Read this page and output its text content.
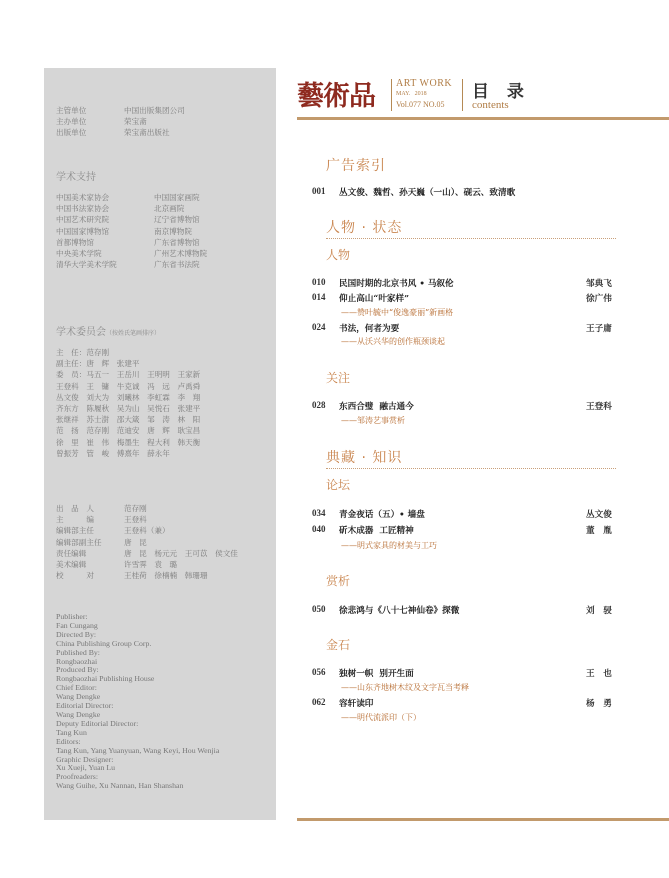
主管单位	中国出版集团公司
主办单位	荣宝斋
出版单位	荣宝斋出版社
学术支持
中国美术家协会	中国国家画院
中国书法家协会	北京画院
中国艺术研究院	辽宁省博物馆
中国国家博物馆	南京博物院
首都博物馆	广东省博物馆
中央美术学院	广州艺术博物院
清华大学美术学院	广东省书法院
学术委员会（按姓氏笔画排序）
主　任：范存刚
副主任：唐　辉　张建平
委　员：马五一　王岳川　王明明　王家新
王登科　王　镛　牛克诚　冯　远　卢禹舜
丛文俊　刘大为　刘曦林　李虹霖　李　翔
齐东方　陈履秋　吴为山　吴悦石　张建平
张继祥　苏士澍　邵大箴　邹　涛　林　阳
范　扬　范存刚　范迪安　唐　辉　耿宝昌
徐　里　崔　伟　梅墨生　程大利　韩天衡
曾振芳　管　峻　傅熹年　薛永年
出　品　人	范存刚
主　　　编	王登科
编辑部主任	王登科（兼）
编辑部副主任	唐　昆
责任编辑	唐　昆　杨元元　王可苡　侯文佳
美术编辑	许雪霁　袁　璐
校　　　对	王桂荷　徐楠楠　韩珊珊
Publisher:
Fan Cungang
Directed By:
China Publishing Group Corp.
Published By:
Rongbaozhai
Produced By:
Rongbaozhai Publishing House
Chief Editor:
Wang Dengke
Editorial Director:
Wang Dengke
Deputy Editorial Director:
Tang Kun
Editors:
Tang Kun, Yang Yuanyuan, Wang Keyi, Hou Wenjia
Graphic Designer:
Xu Xueji, Yuan Lu
Proofreaders:
Wang Guihe, Xu Nannan, Han Shanshan
藝術品 ART WORK
MAY.   2018
Vol.077 NO.05
目 录
contents
广告索引
001 丛文俊、魏哲、孙天巍（一山）、砚云、致清歌
人物 · 状态
人物
010 民国时期的北京书风 • 马叙伦	邹典飞
014 仰止高山“叶家样”	徐广伟
——赞叶毓中“俊逸豪丽”新画格
024 书法，何者为要	王子庸
——从沃兴华的创作瓶颈谈起
关注
028 东西合璧  融古通今	王登科
——邹涛艺事赏析
典藏 · 知识
论坛
034 青金夜话（五）• 墙盘	丛文俊
040 斫木成器  工匠精神	董　胤
——明式家具的材美与工巧
赏析
050 徐悲鸿与《八十七神仙卷》探微	刘　骎
金石
056 独树一帜  别开生面	王　也
——山东齐地树木纹及文字瓦当考释
062 容轩读印	杨　勇
——明代流派印（下）
